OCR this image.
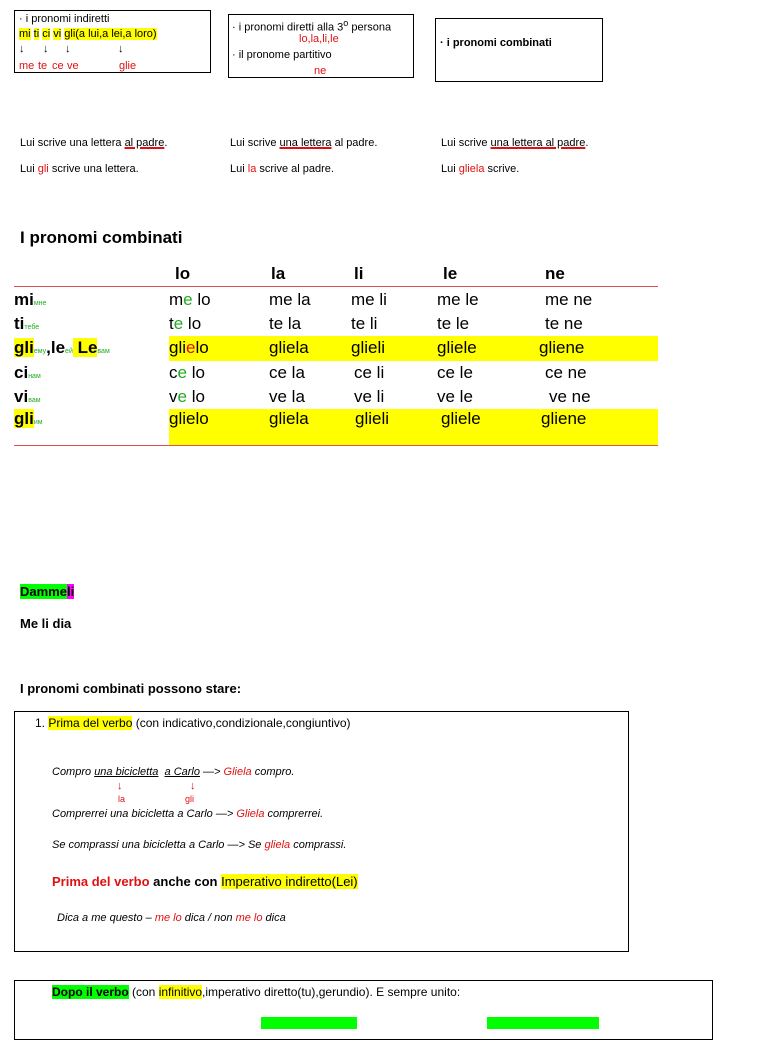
· i pronomi indiretti
mi ti ci vi gli(a lui,a lei,a loro)
↓ ↓ ↓	↓
me te ce ve	glie
· i pronomi diretti alla 3$^o$ persona
lo,la,li,le
· il pronome partitivo
ne
· i pronomi combinati
Lui scrive una lettera al padre.
Lui gli scrive una lettera.
Lui scrive una lettera al padre.
Lui la scrive al padre.
Lui scrive una lettera al padre.
Lui gliela scrive.
I pronomi combinati
	lo	la	li	le	ne
miмне	me lo	me la	me li	me le	me ne
tiтебе	te lo	te la	te li	te le	te ne
gliему,leей Leвам	glielo	gliela	glieli	gliele	gliene
ciнам	ce lo	ce la	ce li	ce le	ce ne
viвам	ve lo	ve la	ve li	ve le	ve ne
gliим	glielo	gliela	glieli	gliele	gliene
Dammeli
Me li dia
I pronomi combinati possono stare:
1. Prima del verbo (con indicativo,condizionale,congiuntivo)
Compro una bicicletta a Carlo —> Gliela compro.
↓	↓
la	gli
Comprerrei una bicicletta a Carlo —> Gliela comprerrei.
Se comprassi una bicicletta a Carlo —> Se gliela comprassi.
Prima del verbo anche con Imperativo indiretto(Lei)
Dica a me questo – me lo dica / non me lo dica
Dopo il verbo (con infinitivo,imperativo diretto(tu),gerundio). E sempre unito:
